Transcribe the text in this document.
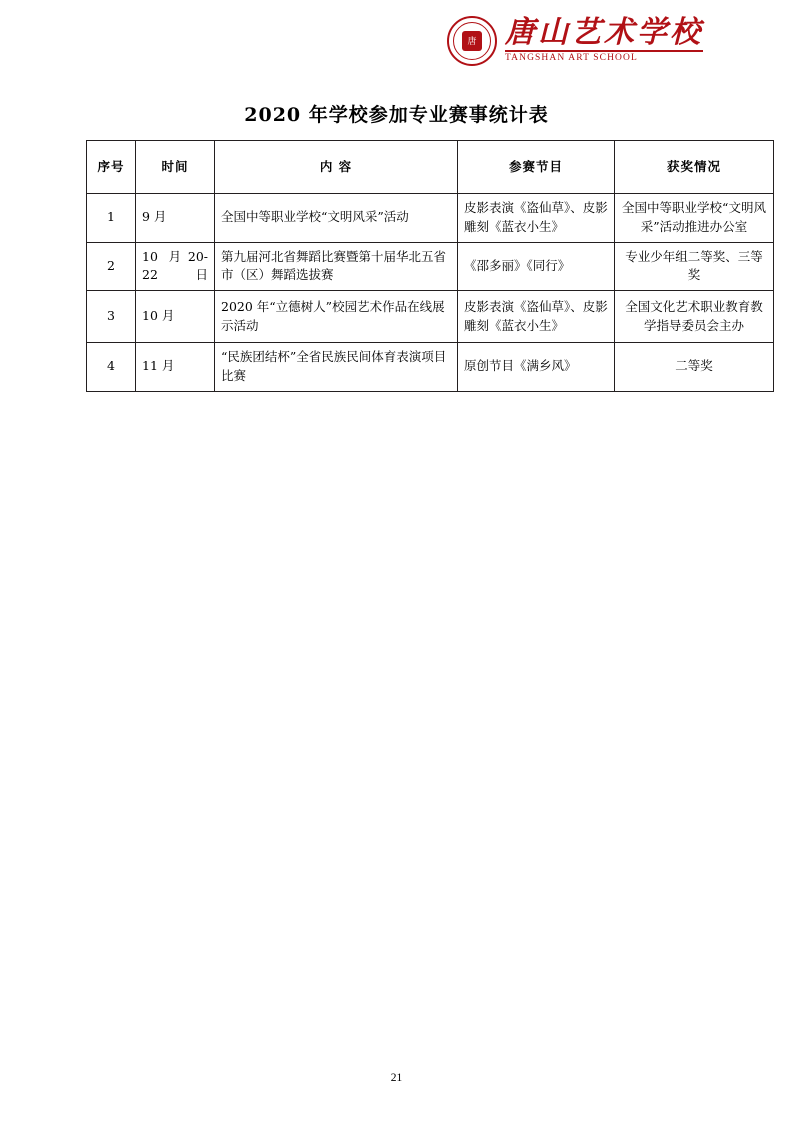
唐 唐山艺术学校
TANGSHAN ART SCHOOL
2020 年学校参加专业赛事统计表
序号	时间	内 容	参赛节目	获奖情况
1	9 月	全国中等职业学校“文明风采”活动	皮影表演《盗仙草》、皮影雕刻《蓝衣小生》	全国中等职业学校“文明风采”活动推进办公室
2	10 月20-22 日	第九届河北省舞蹈比赛暨第十届华北五省市（区）舞蹈选拔赛	《邵多丽》《同行》	专业少年组二等奖、三等奖
3	10 月	2020 年“立德树人”校园艺术作品在线展示活动	皮影表演《盗仙草》、皮影雕刻《蓝衣小生》	全国文化艺术职业教育教学指导委员会主办
4	11 月	“民族团结杯”全省民族民间体育表演项目比赛	原创节目《满乡风》	二等奖
21
